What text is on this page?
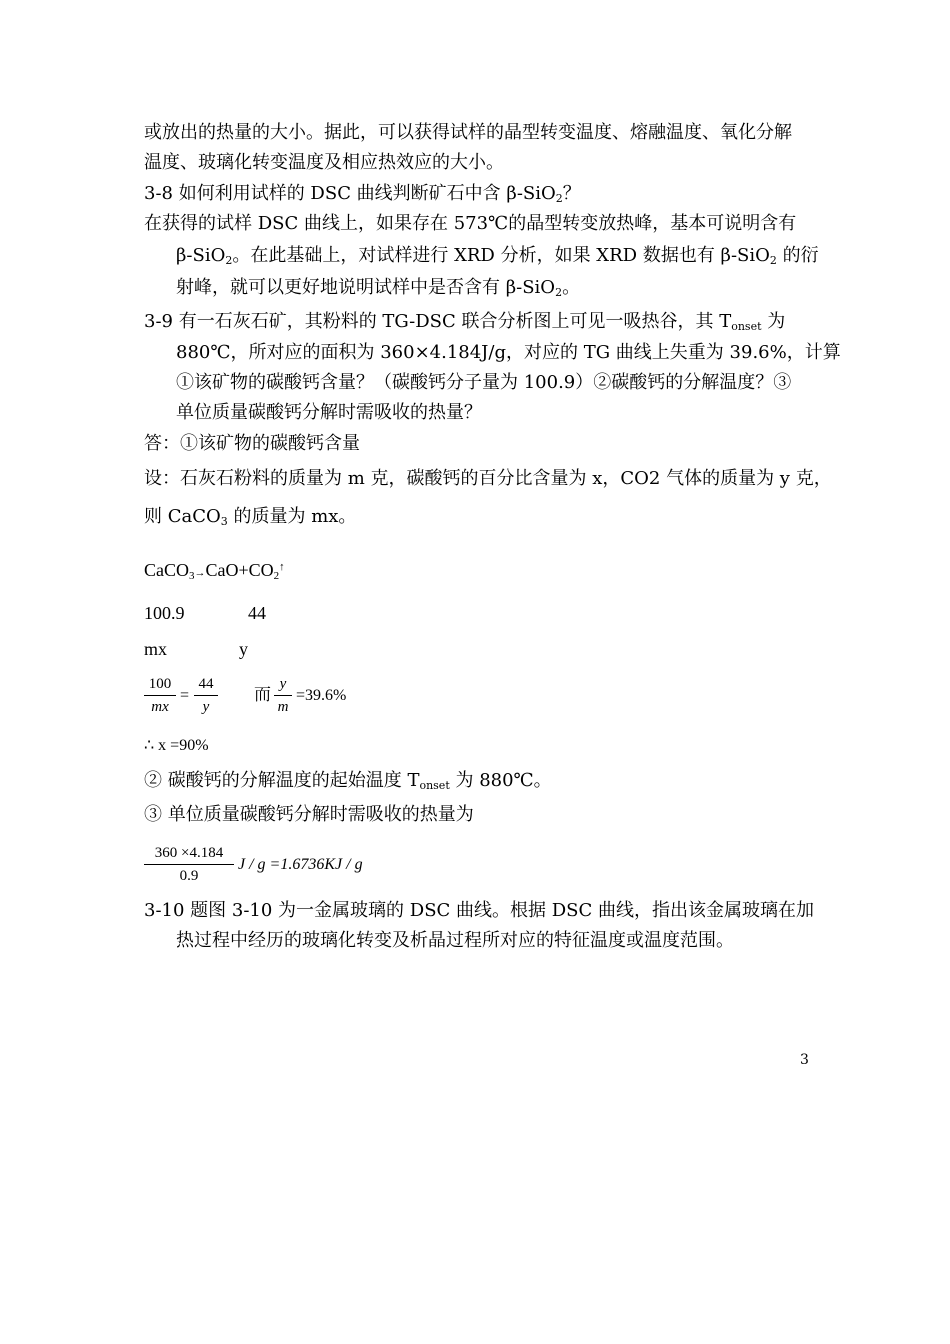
或放出的热量的大小。据此，可以获得试样的晶型转变温度、熔融温度、氧化分解
温度、玻璃化转变温度及相应热效应的大小。
3-8 如何利用试样的 DSC 曲线判断矿石中含 β-SiO$_2$？
在获得的试样 DSC 曲线上，如果存在 573℃的晶型转变放热峰，基本可说明含有
β-SiO$_2$。在此基础上，对试样进行 XRD 分析，如果 XRD 数据也有 β-SiO$_2$ 的衍
射峰，就可以更好地说明试样中是否含有 β-SiO$_2$。
3-9 有一石灰石矿，其粉料的 TG-DSC 联合分析图上可见一吸热谷，其 $T_{onset}$ 为
880℃，所对应的面积为 360×4.184J/g，对应的 TG 曲线上失重为 39.6%，计算
①该矿物的碳酸钙含量？（碳酸钙分子量为 100.9）②碳酸钙的分解温度？③
单位质量碳酸钙分解时需吸收的热量？
答：①该矿物的碳酸钙含量
设：石灰石粉料的质量为 m 克，碳酸钙的百分比含量为 x，CO2 气体的质量为 y 克，
则 CaCO$_3$ 的质量为 mx。
$CaCO_3\to CaO+CO_2^↑$
100.9	44
mx	y
100
mx
=
44
y
而
y
m
=39.6%
∴ x =90%
② 碳酸钙的分解温度的起始温度 $T_{onset}$ 为 880℃。
③ 单位质量碳酸钙分解时需吸收的热量为
360 ×4.184
0.9
J / g =1.6736KJ / g
3-10 题图 3-10 为一金属玻璃的 DSC 曲线。根据 DSC 曲线，指出该金属玻璃在加
热过程中经历的玻璃化转变及析晶过程所对应的特征温度或温度范围。
3
